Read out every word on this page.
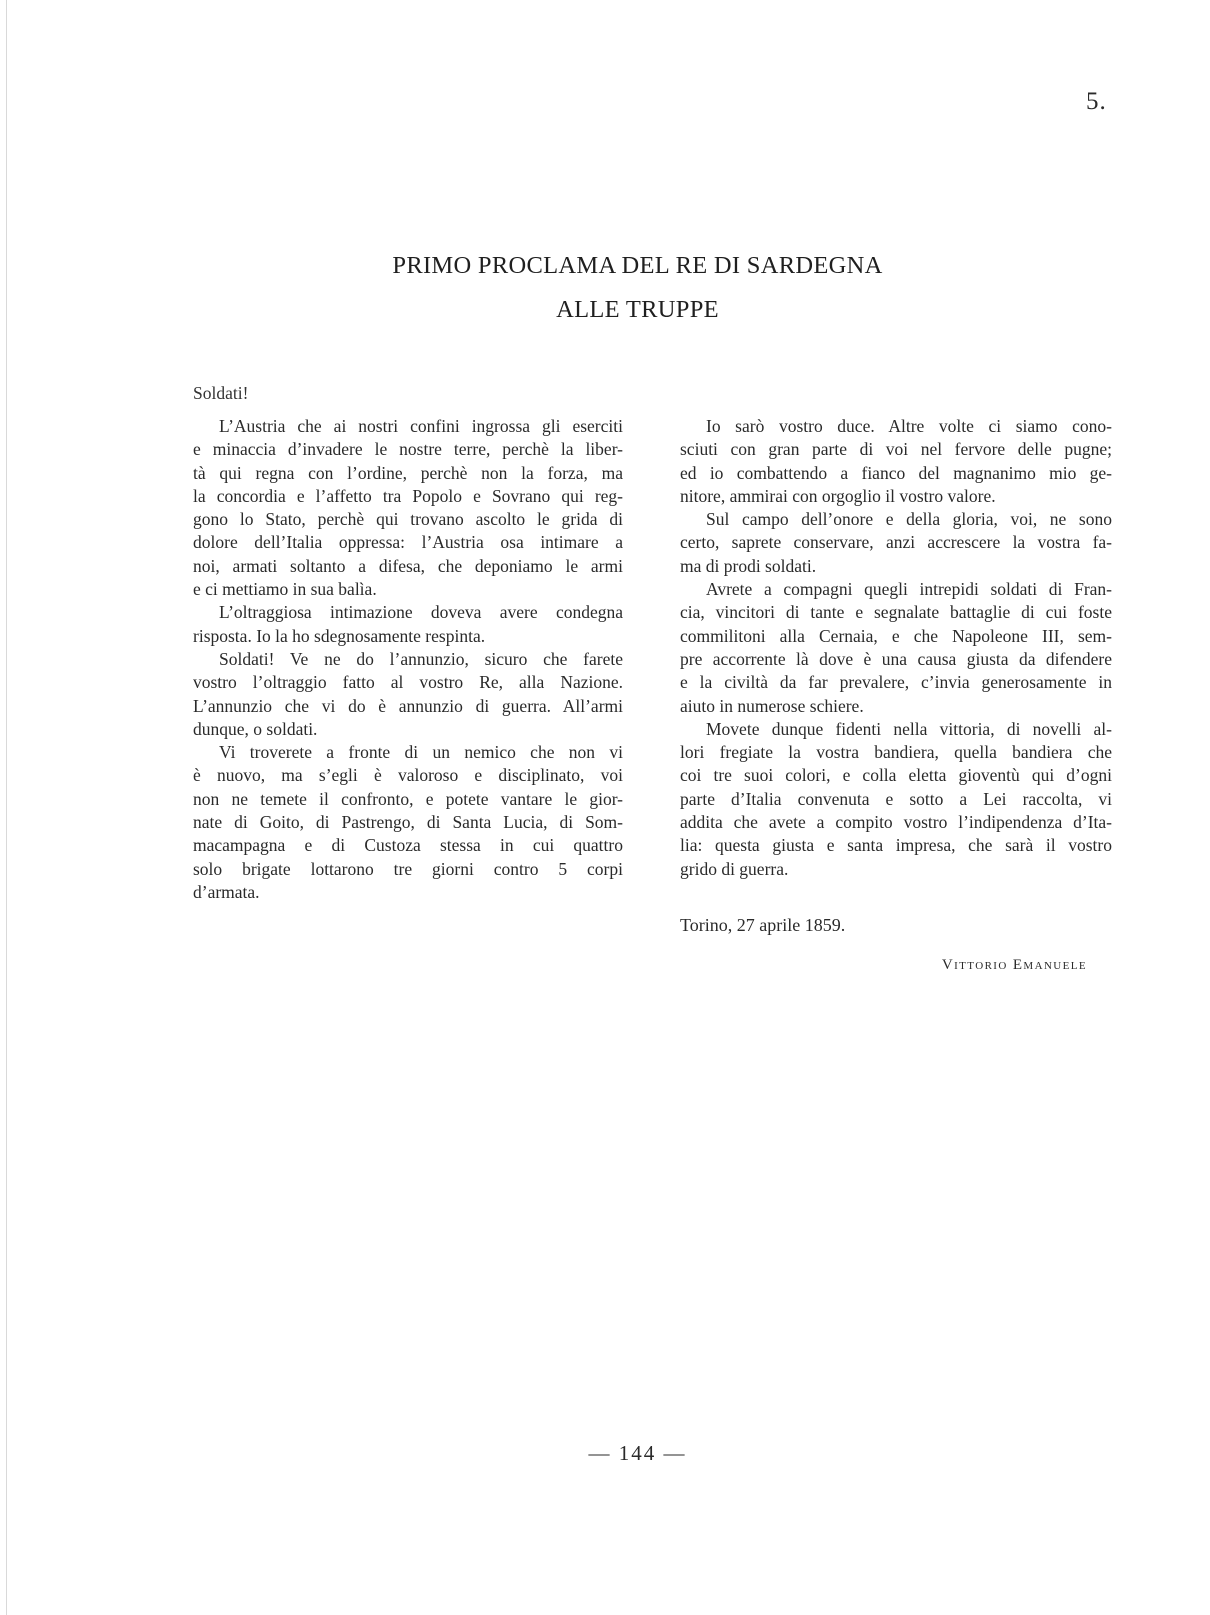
5.
PRIMO PROCLAMA DEL RE DI SARDEGNA
ALLE TRUPPE
Soldati!

L’Austria che ai nostri confini ingrossa gli eserciti
e minaccia d’invadere le nostre terre, perchè la liber-
tà qui regna con l’ordine, perchè non la forza, ma
la concordia e l’affetto tra Popolo e Sovrano qui reg-
gono lo Stato, perchè qui trovano ascolto le grida di
dolore dell’Italia oppressa: l’Austria osa intimare a
noi, armati soltanto a difesa, che deponiamo le armi
e ci mettiamo in sua balìa.

L’oltraggiosa intimazione doveva avere condegna
risposta. Io la ho sdegnosamente respinta.

Soldati! Ve ne do l’annunzio, sicuro che farete
vostro l’oltraggio fatto al vostro Re, alla Nazione.
L’annunzio che vi do è annunzio di guerra. All’armi
dunque, o soldati.

Vi troverete a fronte di un nemico che non vi
è nuovo, ma s’egli è valoroso e disciplinato, voi
non ne temete il confronto, e potete vantare le gior-
nate di Goito, di Pastrengo, di Santa Lucia, di Som-
macampagna e di Custoza stessa in cui quattro
solo brigate lottarono tre giorni contro 5 corpi
d’armata.

Io sarò vostro duce. Altre volte ci siamo cono-
sciuti con gran parte di voi nel fervore delle pugne;
ed io combattendo a fianco del magnanimo mio ge-
nitore, ammirai con orgoglio il vostro valore.

Sul campo dell’onore e della gloria, voi, ne sono
certo, saprete conservare, anzi accrescere la vostra fa-
ma di prodi soldati.

Avrete a compagni quegli intrepidi soldati di Fran-
cia, vincitori di tante e segnalate battaglie di cui foste
commilitoni alla Cernaia, e che Napoleone III, sem-
pre accorrente là dove è una causa giusta da difendere
e la civiltà da far prevalere, c’invia generosamente in
aiuto in numerose schiere.

Movete dunque fidenti nella vittoria, di novelli al-
lori fregiate la vostra bandiera, quella bandiera che
coi tre suoi colori, e colla eletta gioventù qui d’ogni
parte d’Italia convenuta e sotto a Lei raccolta, vi
addita che avete a compito vostro l’indipendenza d’Ita-
lia: questa giusta e santa impresa, che sarà il vostro
grido di guerra.

Torino, 27 aprile 1859.
Vittorio Emanuele
— 144 —
